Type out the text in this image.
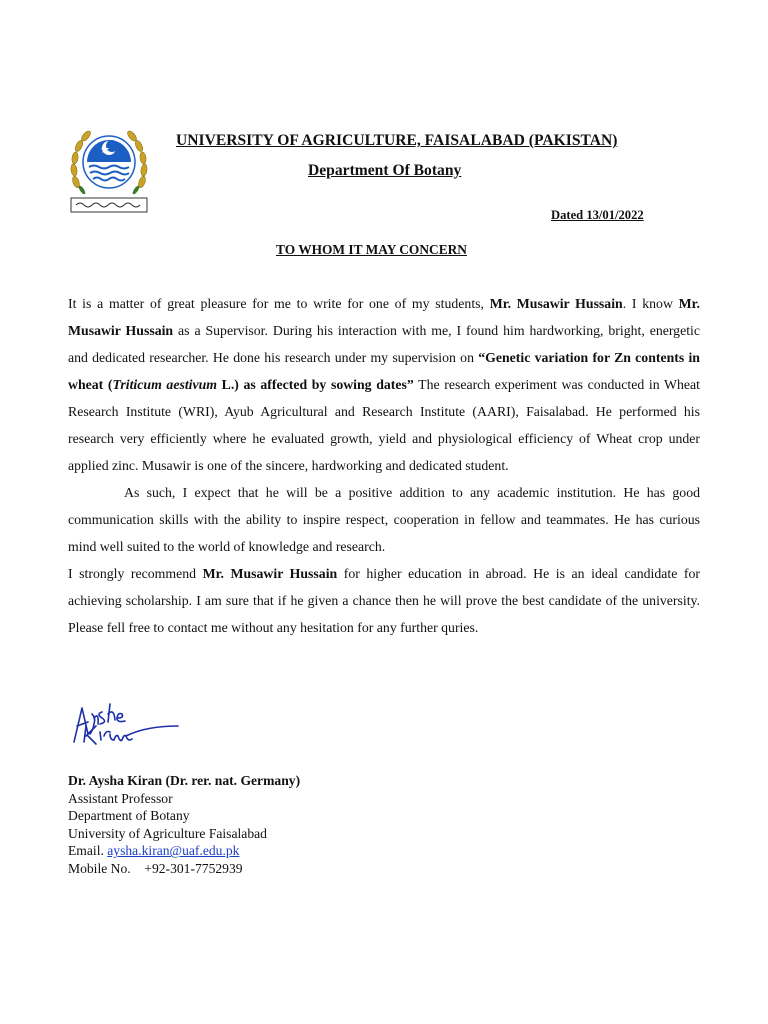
UNIVERSITY OF AGRICULTURE, FAISALABAD (PAKISTAN)
Department Of Botany
Dated 13/01/2022
TO WHOM IT MAY CONCERN

It is a matter of great pleasure for me to write for one of my students, Mr. Musawir Hussain. I know Mr. Musawir Hussain as a Supervisor. During his interaction with me, I found him hardworking, bright, energetic and dedicated researcher. He done his research under my supervision on “Genetic variation for Zn contents in wheat (Triticum aestivum L.) as affected by sowing dates” The research experiment was conducted in Wheat Research Institute (WRI), Ayub Agricultural and Research Institute (AARI), Faisalabad. He performed his research very efficiently where he evaluated growth, yield and physiological efficiency of Wheat crop under applied zinc. Musawir is one of the sincere, hardworking and dedicated student.

As such, I expect that he will be a positive addition to any academic institution. He has good communication skills with the ability to inspire respect, cooperation in fellow and teammates. He has curious mind well suited to the world of knowledge and research.

I strongly recommend Mr. Musawir Hussain for higher education in abroad. He is an ideal candidate for achieving scholarship. I am sure that if he given a chance then he will prove the best candidate of the university. Please fell free to contact me without any hesitation for any further quries.

Dr. Aysha Kiran (Dr. rer. nat. Germany)
Assistant Professor
Department of Botany
University of Agriculture Faisalabad
Email. aysha.kiran@uaf.edu.pk
Mobile No. +92-301-7752939
